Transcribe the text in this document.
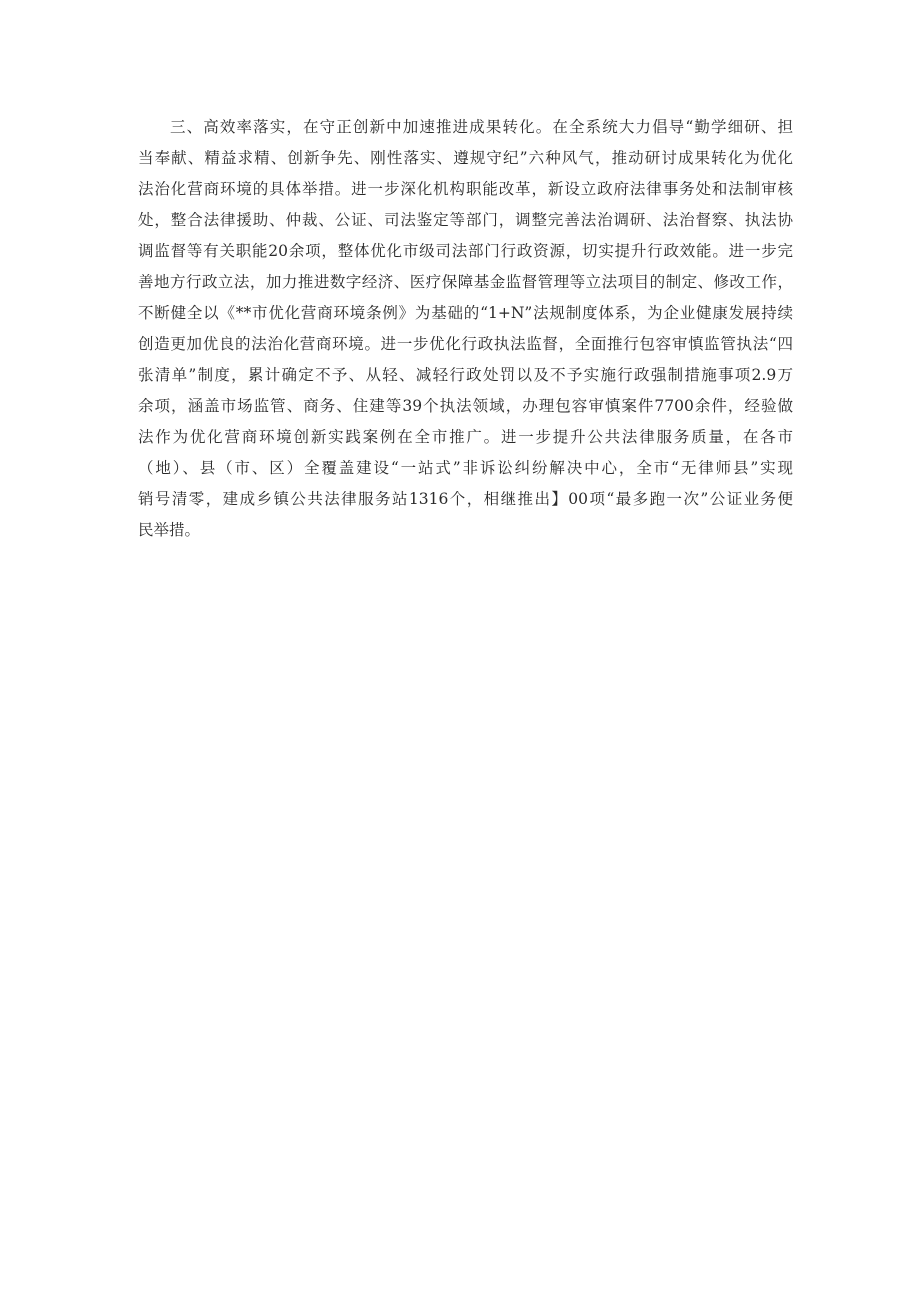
三、高效率落实，在守正创新中加速推进成果转化。在全系统大力倡导“勤学细研、担
当奉献、精益求精、创新争先、刚性落实、遵规守纪”六种风气，推动研讨成果转化为优化
法治化营商环境的具体举措。进一步深化机构职能改革，新设立政府法律事务处和法制审核
处，整合法律援助、仲裁、公证、司法鉴定等部门，调整完善法治调研、法治督察、执法协
调监督等有关职能20余项，整体优化市级司法部门行政资源，切实提升行政效能。进一步完
善地方行政立法，加力推进数字经济、医疗保障基金监督管理等立法项目的制定、修改工作，
不断健全以《**市优化营商环境条例》为基础的“1+N”法规制度体系，为企业健康发展持续
创造更加优良的法治化营商环境。进一步优化行政执法监督，全面推行包容审慎监管执法“四
张清单”制度，累计确定不予、从轻、减轻行政处罚以及不予实施行政强制措施事项2.9万
余项，涵盖市场监管、商务、住建等39个执法领域，办理包容审慎案件7700余件，经验做
法作为优化营商环境创新实践案例在全市推广。进一步提升公共法律服务质量，在各市
（地）、县（市、区）全覆盖建设“一站式”非诉讼纠纷解决中心，全市“无律师县”实现
销号清零，建成乡镇公共法律服务站1316个，相继推出】00项“最多跑一次”公证业务便
民举措。
